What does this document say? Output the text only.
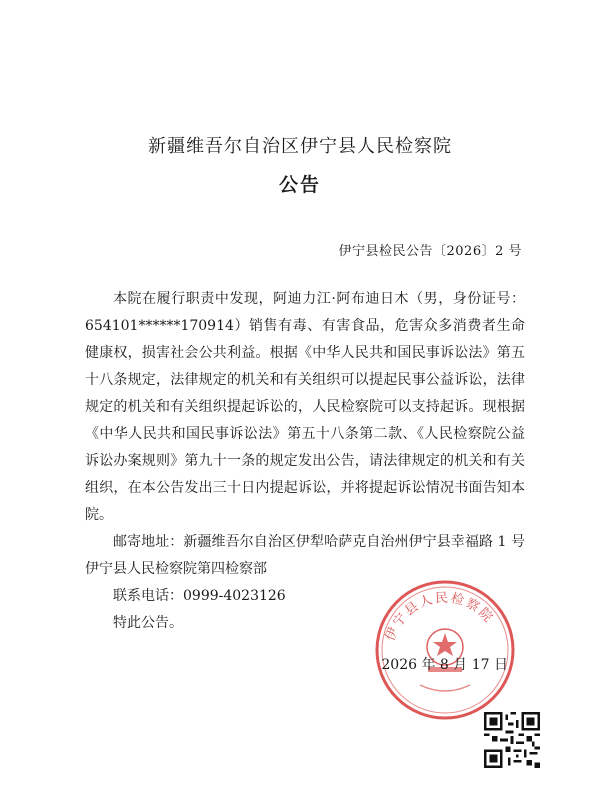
新疆维吾尔自治区伊宁县人民检察院
公告
伊宁县检民公告〔2026〕2 号

本院在履行职责中发现，阿迪力江·阿布迪日木（男，身份证号：654101******170914）销售有毒、有害食品，危害众多消费者生命健康权，损害社会公共利益。根据《中华人民共和国民事诉讼法》第五十八条规定，法律规定的机关和有关组织可以提起民事公益诉讼，法律规定的机关和有关组织提起诉讼的，人民检察院可以支持起诉。现根据《中华人民共和国民事诉讼法》第五十八条第二款、《人民检察院公益诉讼办案规则》第九十一条的规定发出公告，请法律规定的机关和有关组织，在本公告发出三十日内提起诉讼，并将提起诉讼情况书面告知本院。

邮寄地址：新疆维吾尔自治区伊犁哈萨克自治州伊宁县幸福路 1 号伊宁县人民检察院第四检察部

联系电话：0999-4023126

特此公告。

伊宁县人民检察院
2026 年 8 月 17 日
